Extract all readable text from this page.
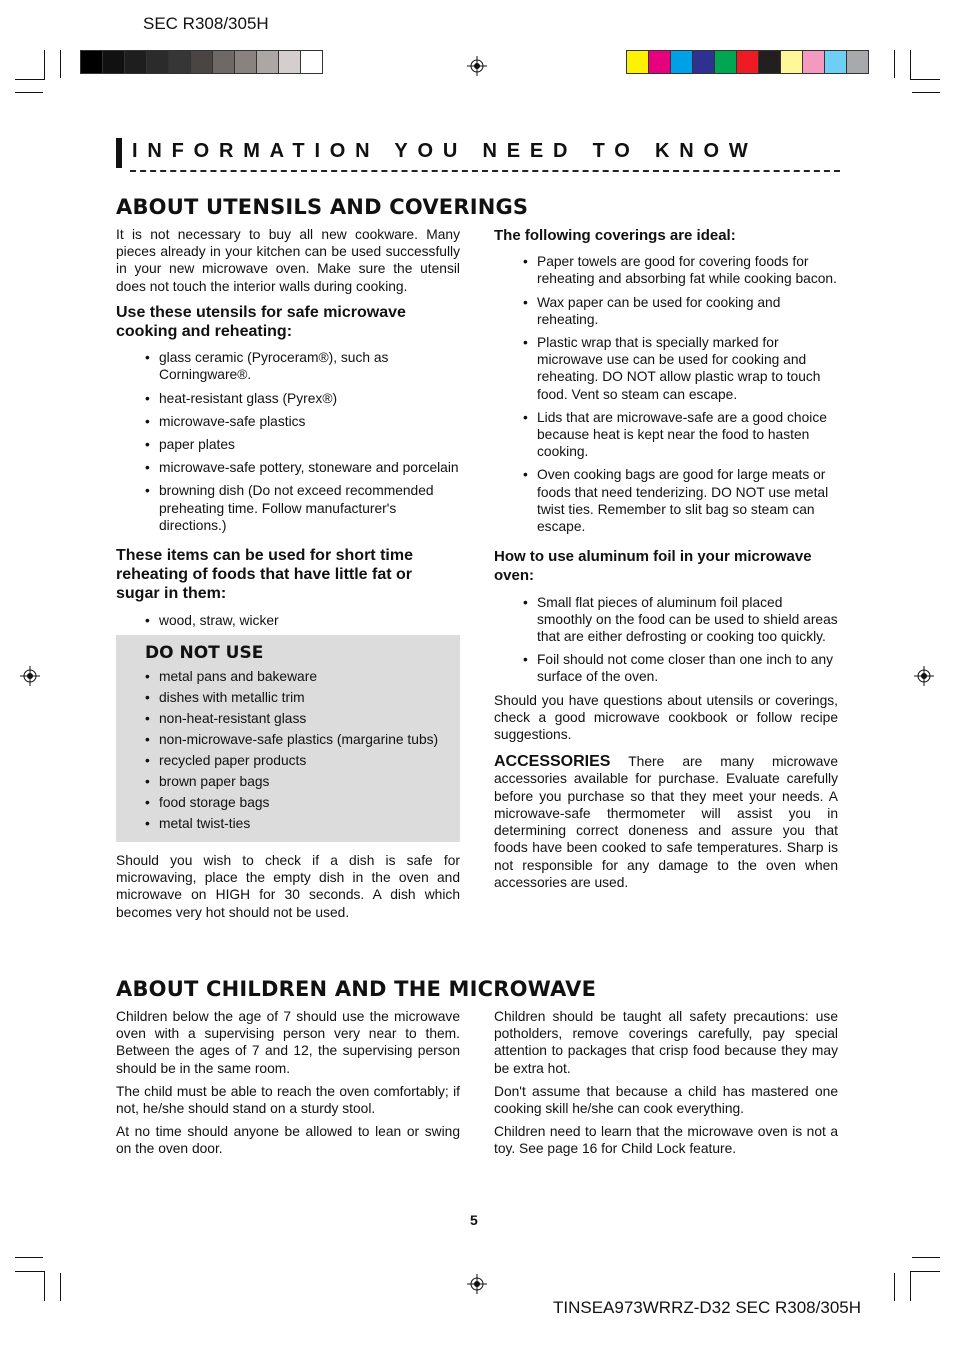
SEC R308/305H
INFORMATION YOU NEED TO KNOW
ABOUT UTENSILS AND COVERINGS

It is not necessary to buy all new cookware. Many pieces already in your kitchen can be used successfully in your new microwave oven. Make sure the utensil does not touch the interior walls during cooking.

Use these utensils for safe microwave cooking and reheating:
• glass ceramic (Pyroceram®), such as Corningware®.
• heat-resistant glass (Pyrex®)
• microwave-safe plastics
• paper plates
• microwave-safe pottery, stoneware and porcelain
• browning dish (Do not exceed recommended preheating time. Follow manufacturer's directions.)
These items can be used for short time reheating of foods that have little fat or sugar in them:
• wood, straw, wicker
DO NOT USE
• metal pans and bakeware
• dishes with metallic trim
• non-heat-resistant glass
• non-microwave-safe plastics (margarine tubs)
• recycled paper products
• brown paper bags
• food storage bags
• metal twist-ties

Should you wish to check if a dish is safe for microwaving, place the empty dish in the oven and microwave on HIGH for 30 seconds. A dish which becomes very hot should not be used.

The following coverings are ideal:
• Paper towels are good for covering foods for reheating and absorbing fat while cooking bacon.
• Wax paper can be used for cooking and reheating.
• Plastic wrap that is specially marked for microwave use can be used for cooking and reheating. DO NOT allow plastic wrap to touch food. Vent so steam can escape.
• Lids that are microwave-safe are a good choice because heat is kept near the food to hasten cooking.
• Oven cooking bags are good for large meats or foods that need tenderizing. DO NOT use metal twist ties. Remember to slit bag so steam can escape.
How to use aluminum foil in your microwave oven:
• Small flat pieces of aluminum foil placed smoothly on the food can be used to shield areas that are either defrosting or cooking too quickly.
• Foil should not come closer than one inch to any surface of the oven.

Should you have questions about utensils or coverings, check a good microwave cookbook or follow recipe suggestions.

ACCESSORIES There are many microwave accessories available for purchase. Evaluate carefully before you purchase so that they meet your needs. A microwave-safe thermometer will assist you in determining correct doneness and assure you that foods have been cooked to safe temperatures. Sharp is not responsible for any damage to the oven when accessories are used.

ABOUT CHILDREN AND THE MICROWAVE

Children below the age of 7 should use the microwave oven with a supervising person very near to them. Between the ages of 7 and 12, the supervising person should be in the same room.

The child must be able to reach the oven comfortably; if not, he/she should stand on a sturdy stool.

At no time should anyone be allowed to lean or swing on the oven door.

Children should be taught all safety precautions: use potholders, remove coverings carefully, pay special attention to packages that crisp food because they may be extra hot.

Don't assume that because a child has mastered one cooking skill he/she can cook everything.

Children need to learn that the microwave oven is not a toy. See page 16 for Child Lock feature.

5
TINSEA973WRRZ-D32 SEC R308/305H
